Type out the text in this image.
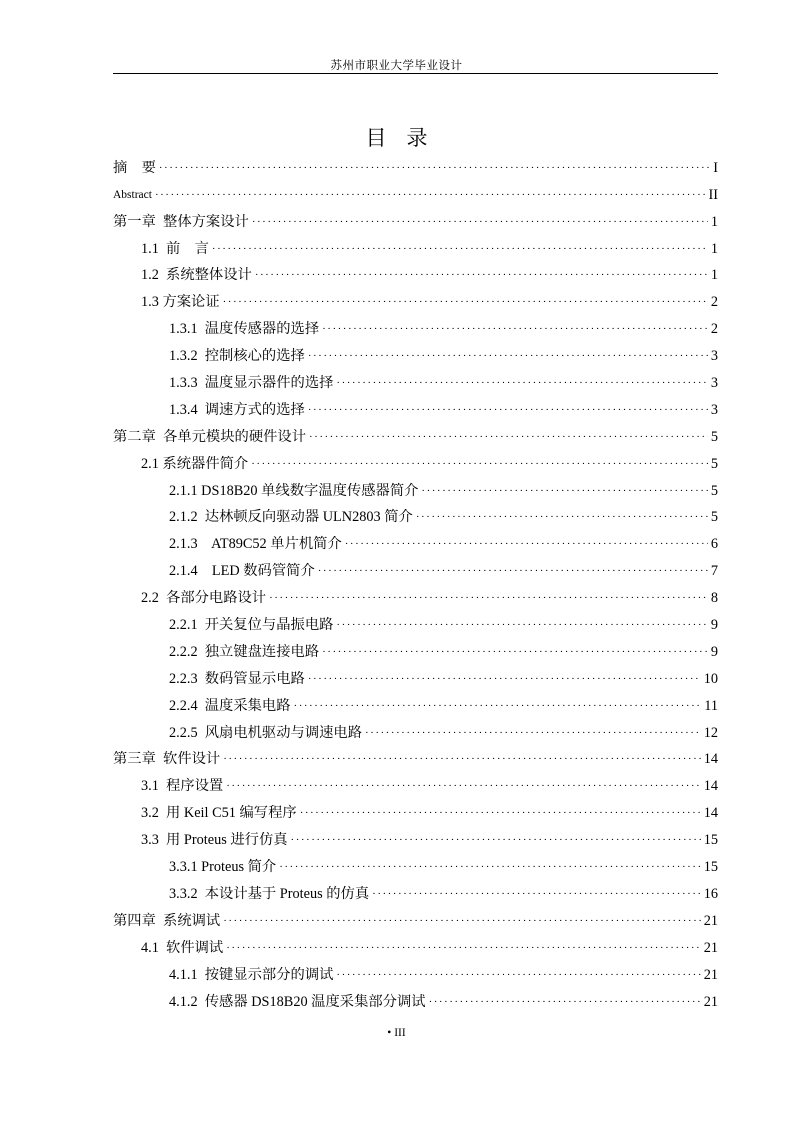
苏州市职业大学毕业设计
目录
摘　要 ·····	I
Abstract ·····	II
第一章  整体方案设计 ·····	1
1.1  前　言 ·····	1
1.2  系统整体设计 ·····	1
1.3 方案论证 ·····	2
1.3.1  温度传感器的选择 ·····	2
1.3.2  控制核心的选择 ·····	3
1.3.3  温度显示器件的选择 ·····	3
1.3.4  调速方式的选择 ·····	3
第二章  各单元模块的硬件设计 ·····	5
2.1 系统器件简介 ·····	5
2.1.1 DS18B20 单线数字温度传感器简介 ·····	5
2.1.2  达林顿反向驱动器 ULN2803 简介 ·····	5
2.1.3    AT89C52 单片机简介 ·····	6
2.1.4    LED 数码管简介 ·····	7
2.2  各部分电路设计 ·····	8
2.2.1  开关复位与晶振电路 ·····	9
2.2.2  独立键盘连接电路 ·····	9
2.2.3  数码管显示电路 ·····	10
2.2.4  温度采集电路 ·····	11
2.2.5  风扇电机驱动与调速电路 ·····	12
第三章  软件设计 ·····	14
3.1  程序设置 ·····	14
3.2  用 Keil C51 编写程序 ·····	14
3.3  用 Proteus 进行仿真 ·····	15
3.3.1 Proteus 简介 ·····	15
3.3.2  本设计基于 Proteus 的仿真 ·····	16
第四章  系统调试 ·····	21
4.1  软件调试 ·····	21
4.1.1  按键显示部分的调试 ·····	21
4.1.2  传感器 DS18B20 温度采集部分调试 ·····	21
• III
